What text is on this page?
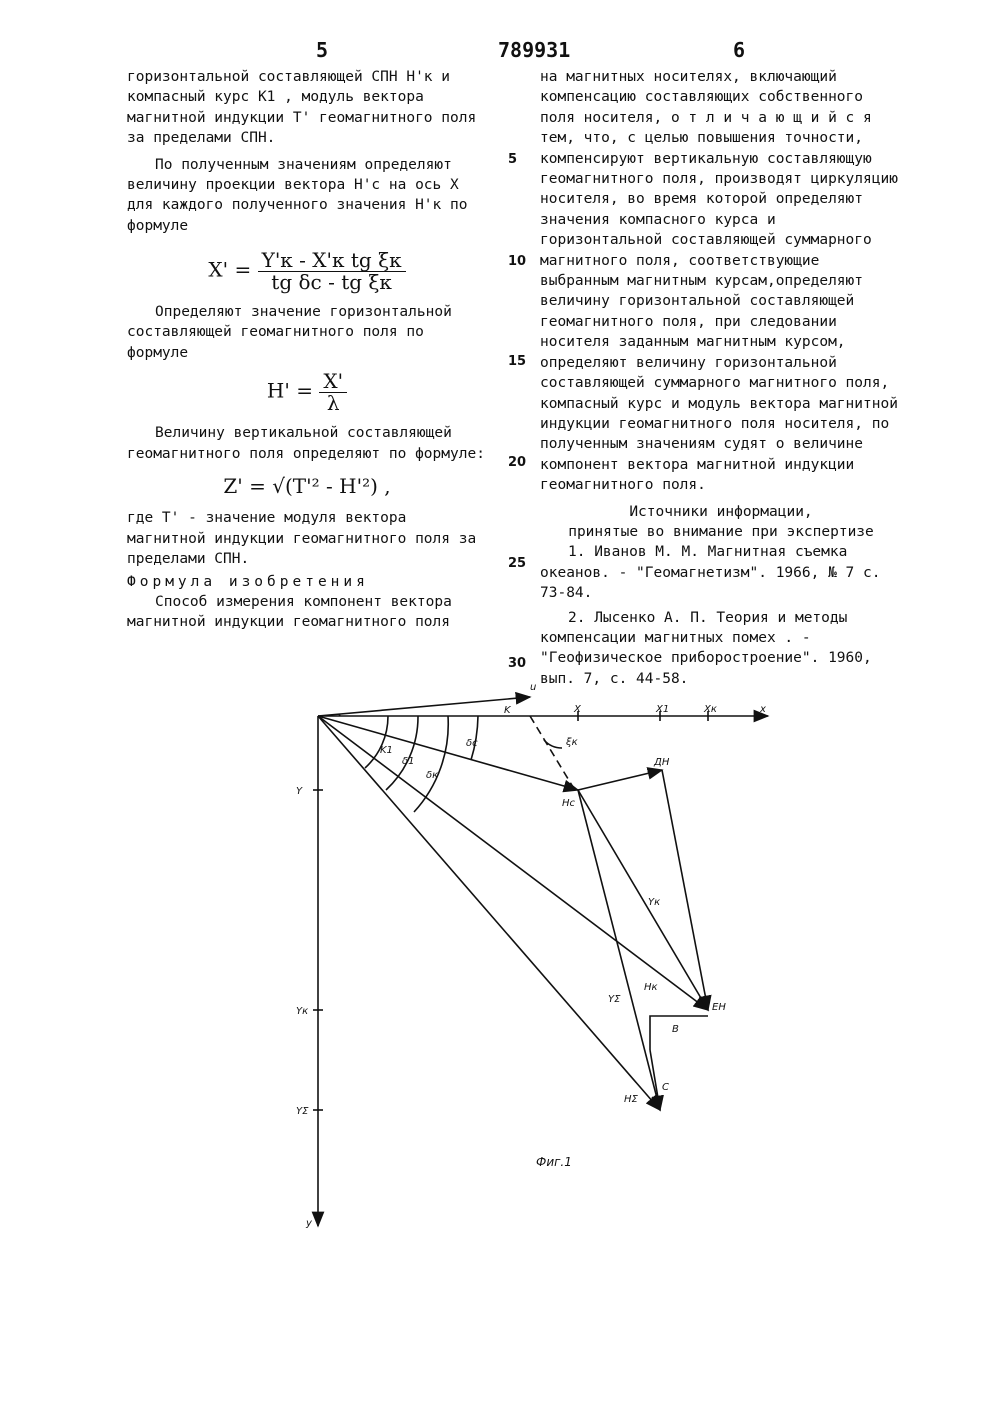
5	789931	6

горизонтальной составляющей СПН H'к и компасный курс K1 , модуль вектора магнитной индукции T' геомагнитного поля за пределами СПН.

По полученным значениям определяют величину проекции вектора H'c на ось X для каждого полученного значения H'к по формуле

$X' = \frac{\text{Y'к - X'к tg ξк}}{\text{tg δc - tg ξк}}$

Определяют значение горизонтальной составляющей геомагнитного поля по формуле

$H' = \frac{X'}{\lambda}$

Величину вертикальной составляющей геомагнитного поля определяют по формуле:

Z' = √(T'² - H'²) ,

где T' - значение модуля вектора магнитной индукции геомагнитного поля за пределами СПН.

Формула изобретения

Способ измерения компонент вектора магнитной индукции геомагнитного поля

5
10
15
20
25
30

на магнитных носителях, включающий компенсацию составляющих собственного поля носителя, о т л и ч а ю щ и й с я тем, что, с целью повышения точности, компенсируют вертикальную составляющую геомагнитного поля, производят циркуляцию носителя, во время которой определяют значения компасного курса и горизонтальной составляющей суммарного магнитного поля, соответствующие выбранным магнитным курсам,определяют величину горизонтальной составляющей геомагнитного поля, при следовании носителя заданным магнитным курсом, определяют величину горизонтальной составляющей суммарного магнитного поля, компасный курс и модуль вектора магнитной индукции геомагнитного поля носителя, по полученным значениям судят о величине компонент вектора магнитной индукции геомагнитного поля.

Источники информации,

принятые во внимание при экспертизе

1. Иванов М. М. Магнитная съемка океанов. - "Геомагнетизм". 1966, № 7 с. 73-84.

2. Лысенко А. П. Теория и методы компенсации магнитных помех . - "Геофизическое приборостроение". 1960, вып. 7, с. 44-58.

u
K	X	X1	Xк	x
ξк
δc
K1
δ1
δк
ДН
Hc
Yк
YΣ
Hк
ЕН
B
C
HΣ
Y
Yк
YΣ
y
Фиг.1
